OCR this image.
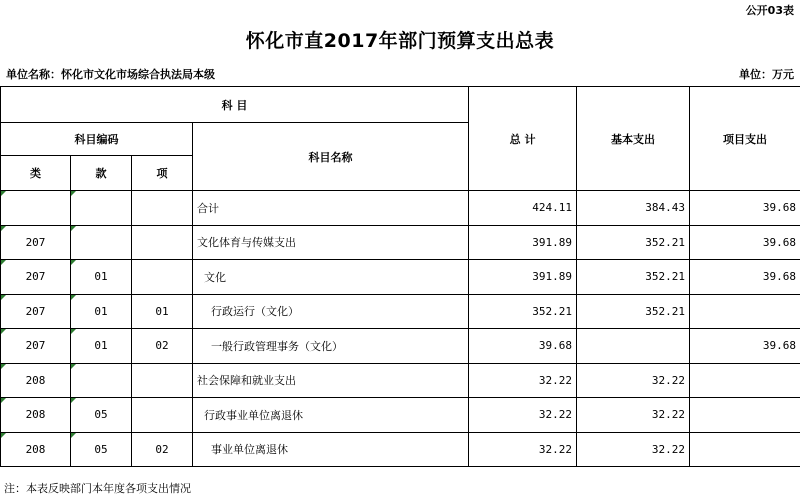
公开03表
怀化市直2017年部门预算支出总表
单位名称：怀化市文化市场综合执法局本级	单位：万元
科 目				总 计	基本支出	项目支出
科目编码			科目名称			
类	款	项				
			合计	424.11	384.43	39.68
207			文化体育与传媒支出	391.89	352.21	39.68
207	01		文化	391.89	352.21	39.68
207	01	01	行政运行（文化）	352.21	352.21	
207	01	02	一般行政管理事务（文化）	39.68		39.68
208			社会保障和就业支出	32.22	32.22	
208	05		行政事业单位离退休	32.22	32.22	
208	05	02	事业单位离退休	32.22	32.22	
注：本表反映部门本年度各项支出情况
